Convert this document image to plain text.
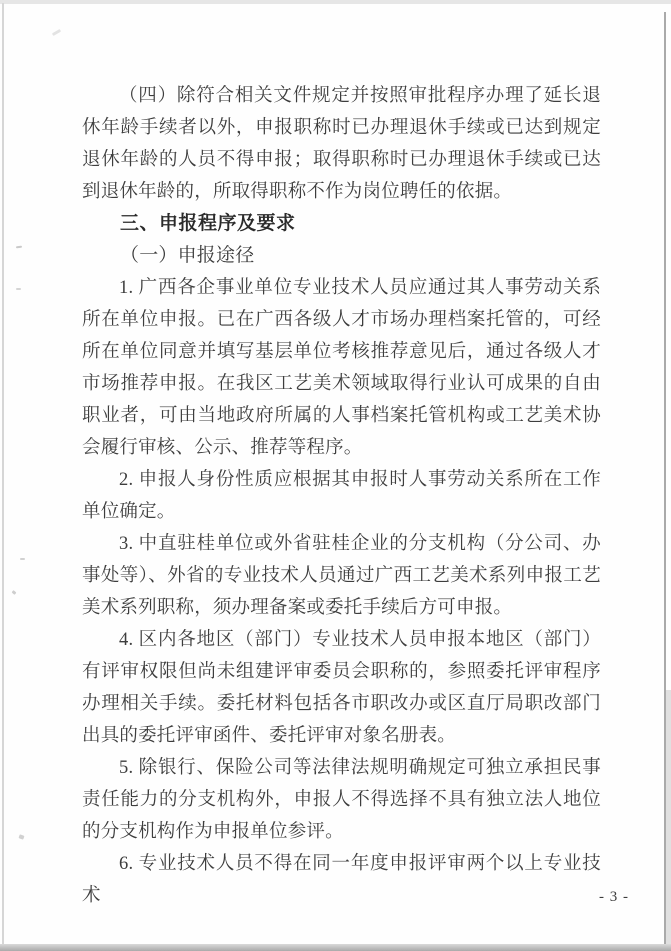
（四）除符合相关文件规定并按照审批程序办理了延长退休年龄手续者以外，申报职称时已办理退休手续或已达到规定退休年龄的人员不得申报；取得职称时已办理退休手续或已达到退休年龄的，所取得职称不作为岗位聘任的依据。

三、申报程序及要求
（一）申报途径

1. 广西各企事业单位专业技术人员应通过其人事劳动关系所在单位申报。已在广西各级人才市场办理档案托管的，可经所在单位同意并填写基层单位考核推荐意见后，通过各级人才市场推荐申报。在我区工艺美术领域取得行业认可成果的自由职业者，可由当地政府所属的人事档案托管机构或工艺美术协会履行审核、公示、推荐等程序。

2. 申报人身份性质应根据其申报时人事劳动关系所在工作单位确定。

3. 中直驻桂单位或外省驻桂企业的分支机构（分公司、办事处等）、外省的专业技术人员通过广西工艺美术系列申报工艺美术系列职称，须办理备案或委托手续后方可申报。

4. 区内各地区（部门）专业技术人员申报本地区（部门）有评审权限但尚未组建评审委员会职称的，参照委托评审程序办理相关手续。委托材料包括各市职改办或区直厅局职改部门出具的委托评审函件、委托评审对象名册表。

5. 除银行、保险公司等法律法规明确规定可独立承担民事责任能力的分支机构外，申报人不得选择不具有独立法人地位的分支机构作为申报单位参评。

6. 专业技术人员不得在同一年度申报评审两个以上专业技术	- 3 -
